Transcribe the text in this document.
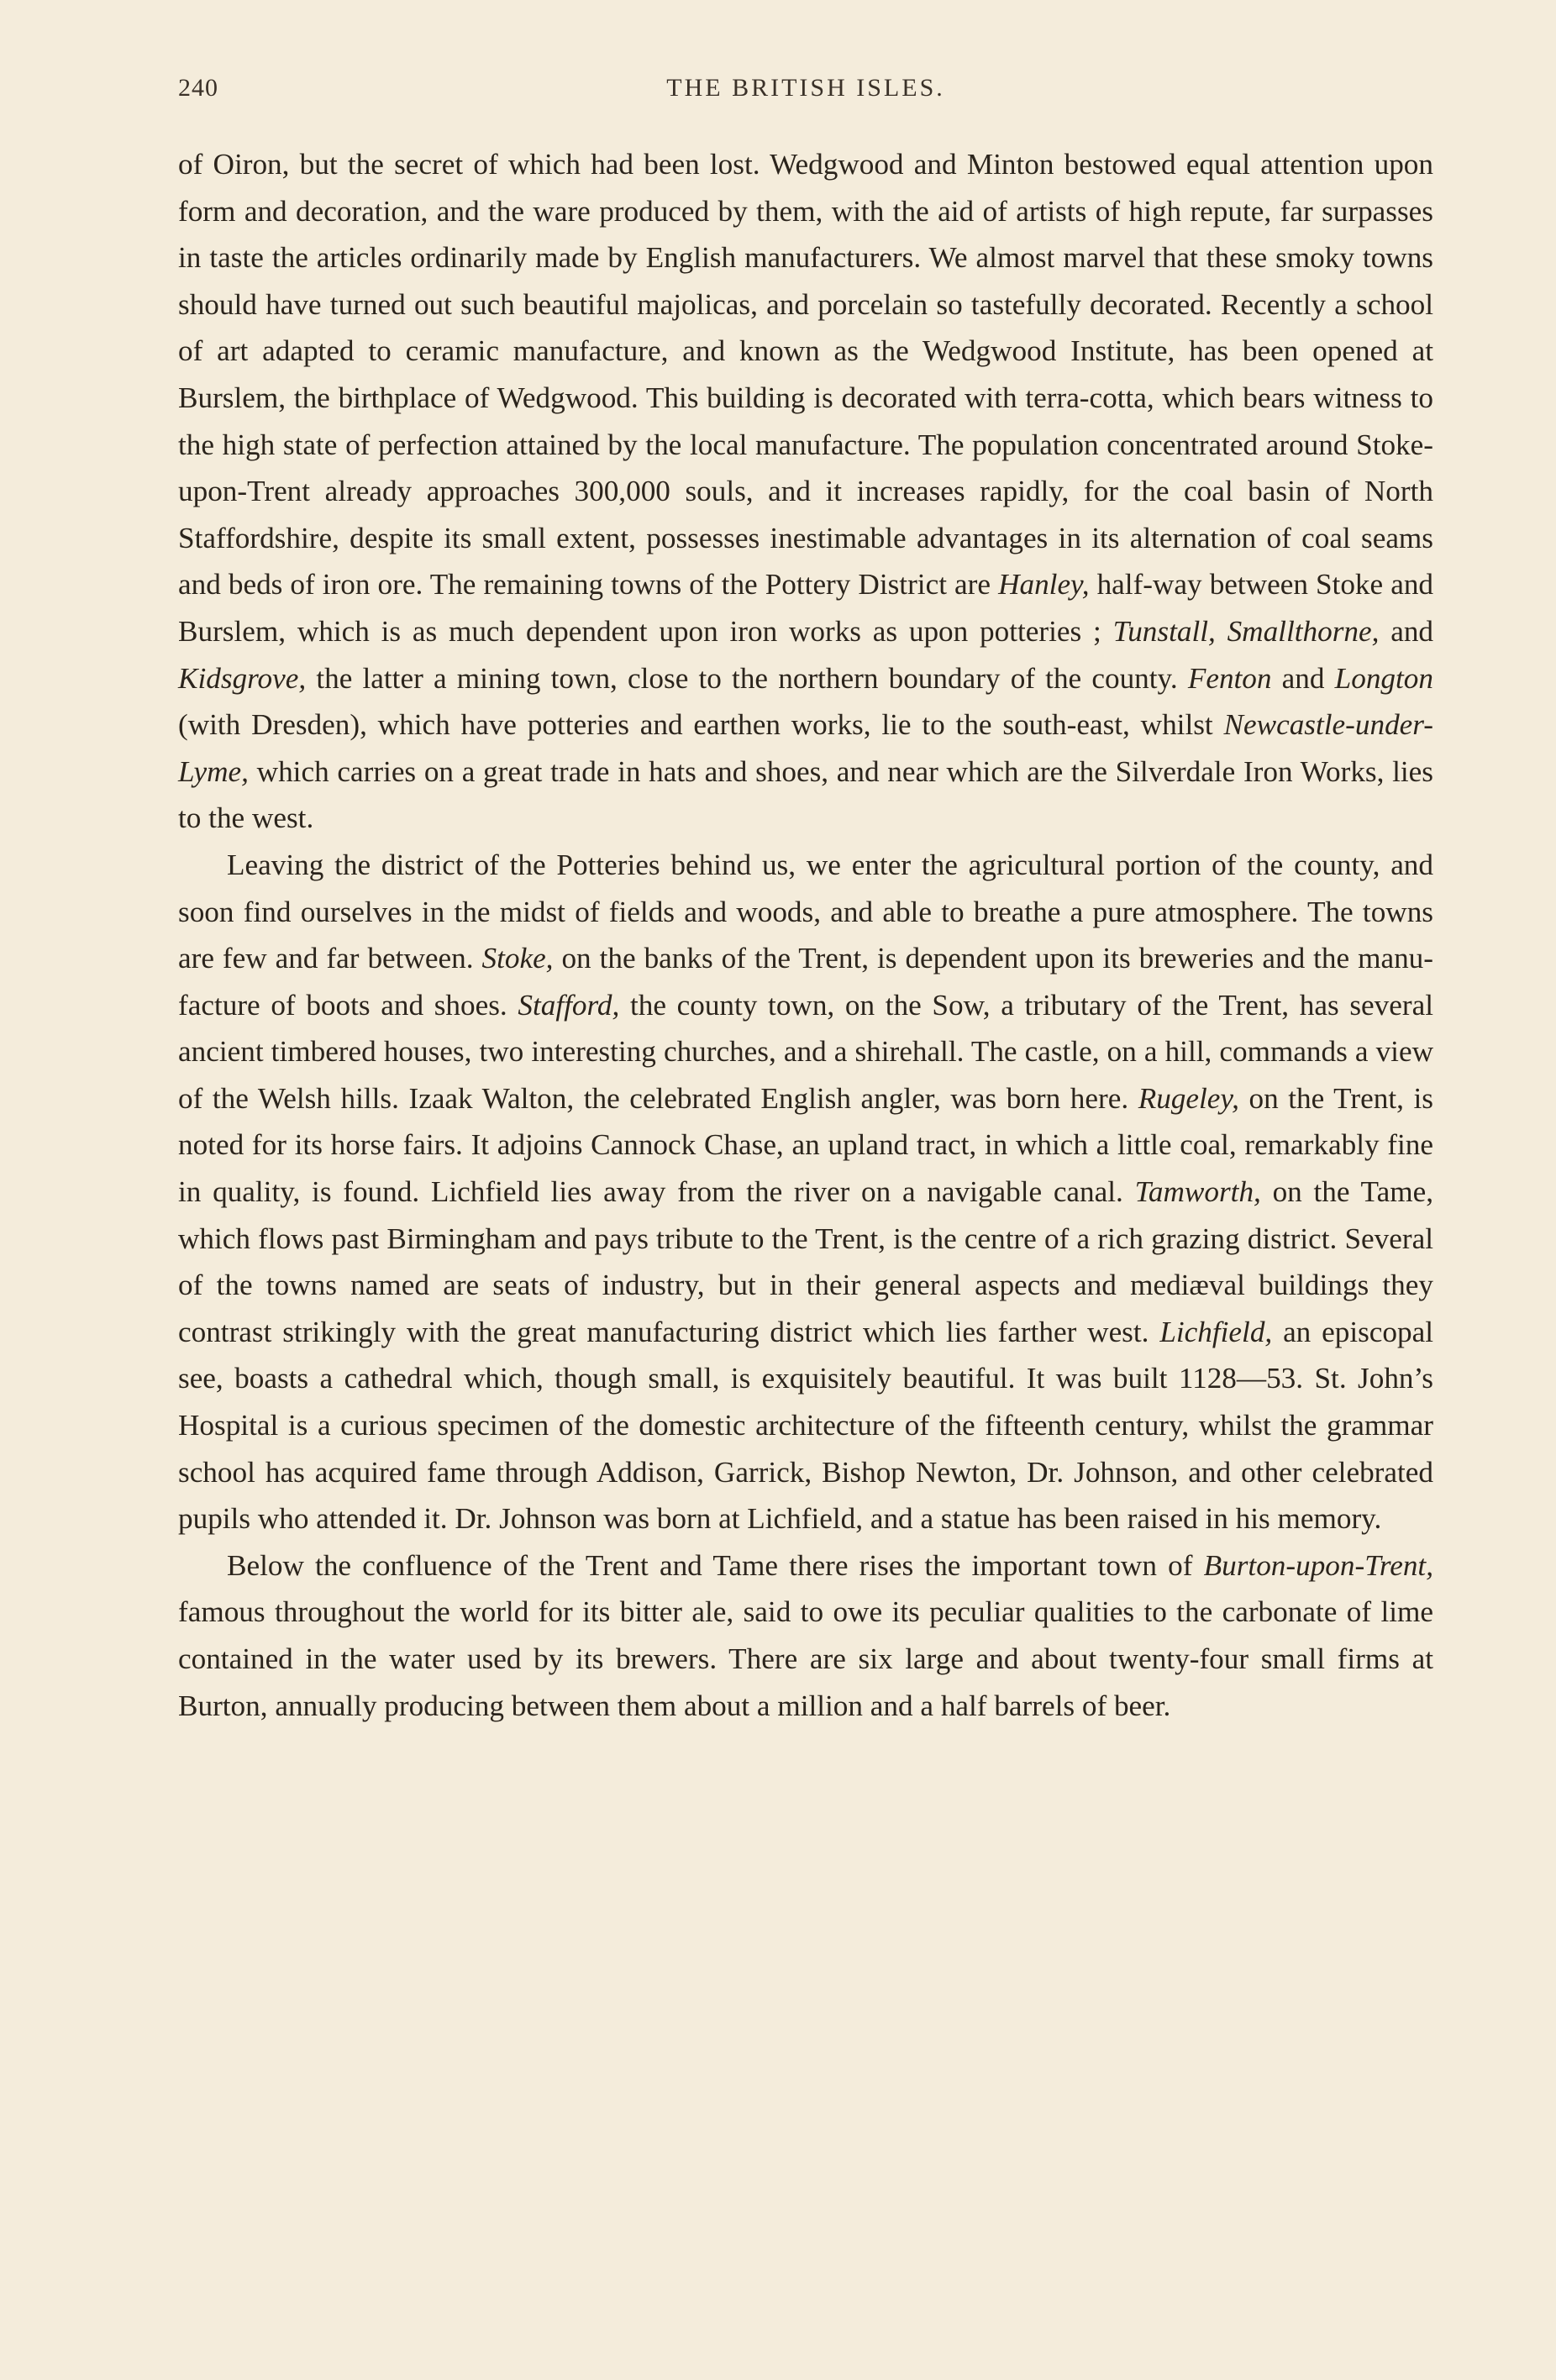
240	THE BRITISH ISLES.

of Oiron, but the secret of which had been lost. Wedgwood and Minton bestowed equal attention upon form and decoration, and the ware produced by them, with the aid of artists of high repute, far surpasses in taste the articles ordinarily made by English manufacturers. We almost marvel that these smoky towns should have turned out such beautiful majolicas, and porcelain so tastefully decorated. Recently a school of art adapted to ceramic manufacture, and known as the Wedgwood Institute, has been opened at Burslem, the birthplace of Wedgwood. This building is decorated with terra-cotta, which bears witness to the high state of perfection attained by the local manufacture. The population concentrated around Stoke-upon-Trent already approaches 300,000 souls, and it increases rapidly, for the coal basin of North Staffordshire, despite its small extent, possesses inestimable advantages in its alternation of coal seams and beds of iron ore. The remaining towns of the Pottery District are Hanley, half-way between Stoke and Burslem, which is as much dependent upon iron works as upon potteries ; Tunstall, Smallthorne, and Kidsgrove, the latter a mining town, close to the northern boundary of the county. Fenton and Longton (with Dresden), which have potteries and earthen works, lie to the south-east, whilst Newcastle-under-Lyme, which carries on a great trade in hats and shoes, and near which are the Silverdale Iron Works, lies to the west.

Leaving the district of the Potteries behind us, we enter the agricultural portion of the county, and soon find ourselves in the midst of fields and woods, and able to breathe a pure atmosphere. The towns are few and far between. Stoke, on the banks of the Trent, is dependent upon its breweries and the manufacture of boots and shoes. Stafford, the county town, on the Sow, a tributary of the Trent, has several ancient timbered houses, two interesting churches, and a shirehall. The castle, on a hill, commands a view of the Welsh hills. Izaak Walton, the celebrated English angler, was born here. Rugeley, on the Trent, is noted for its horse fairs. It adjoins Cannock Chase, an upland tract, in which a little coal, remarkably fine in quality, is found. Lichfield lies away from the river on a navigable canal. Tamworth, on the Tame, which flows past Birmingham and pays tribute to the Trent, is the centre of a rich grazing district. Several of the towns named are seats of industry, but in their general aspects and mediæval buildings they contrast strikingly with the great manufacturing district which lies farther west. Lichfield, an episcopal see, boasts a cathedral which, though small, is exquisitely beautiful. It was built 1128—53. St. John’s Hospital is a curious specimen of the domestic architecture of the fifteenth century, whilst the grammar school has acquired fame through Addison, Garrick, Bishop Newton, Dr. Johnson, and other celebrated pupils who attended it. Dr. Johnson was born at Lichfield, and a statue has been raised in his memory.

Below the confluence of the Trent and Tame there rises the important town of Burton-upon-Trent, famous throughout the world for its bitter ale, said to owe its peculiar qualities to the carbonate of lime contained in the water used by its brewers. There are six large and about twenty-four small firms at Burton, annually producing between them about a million and a half barrels of beer.
